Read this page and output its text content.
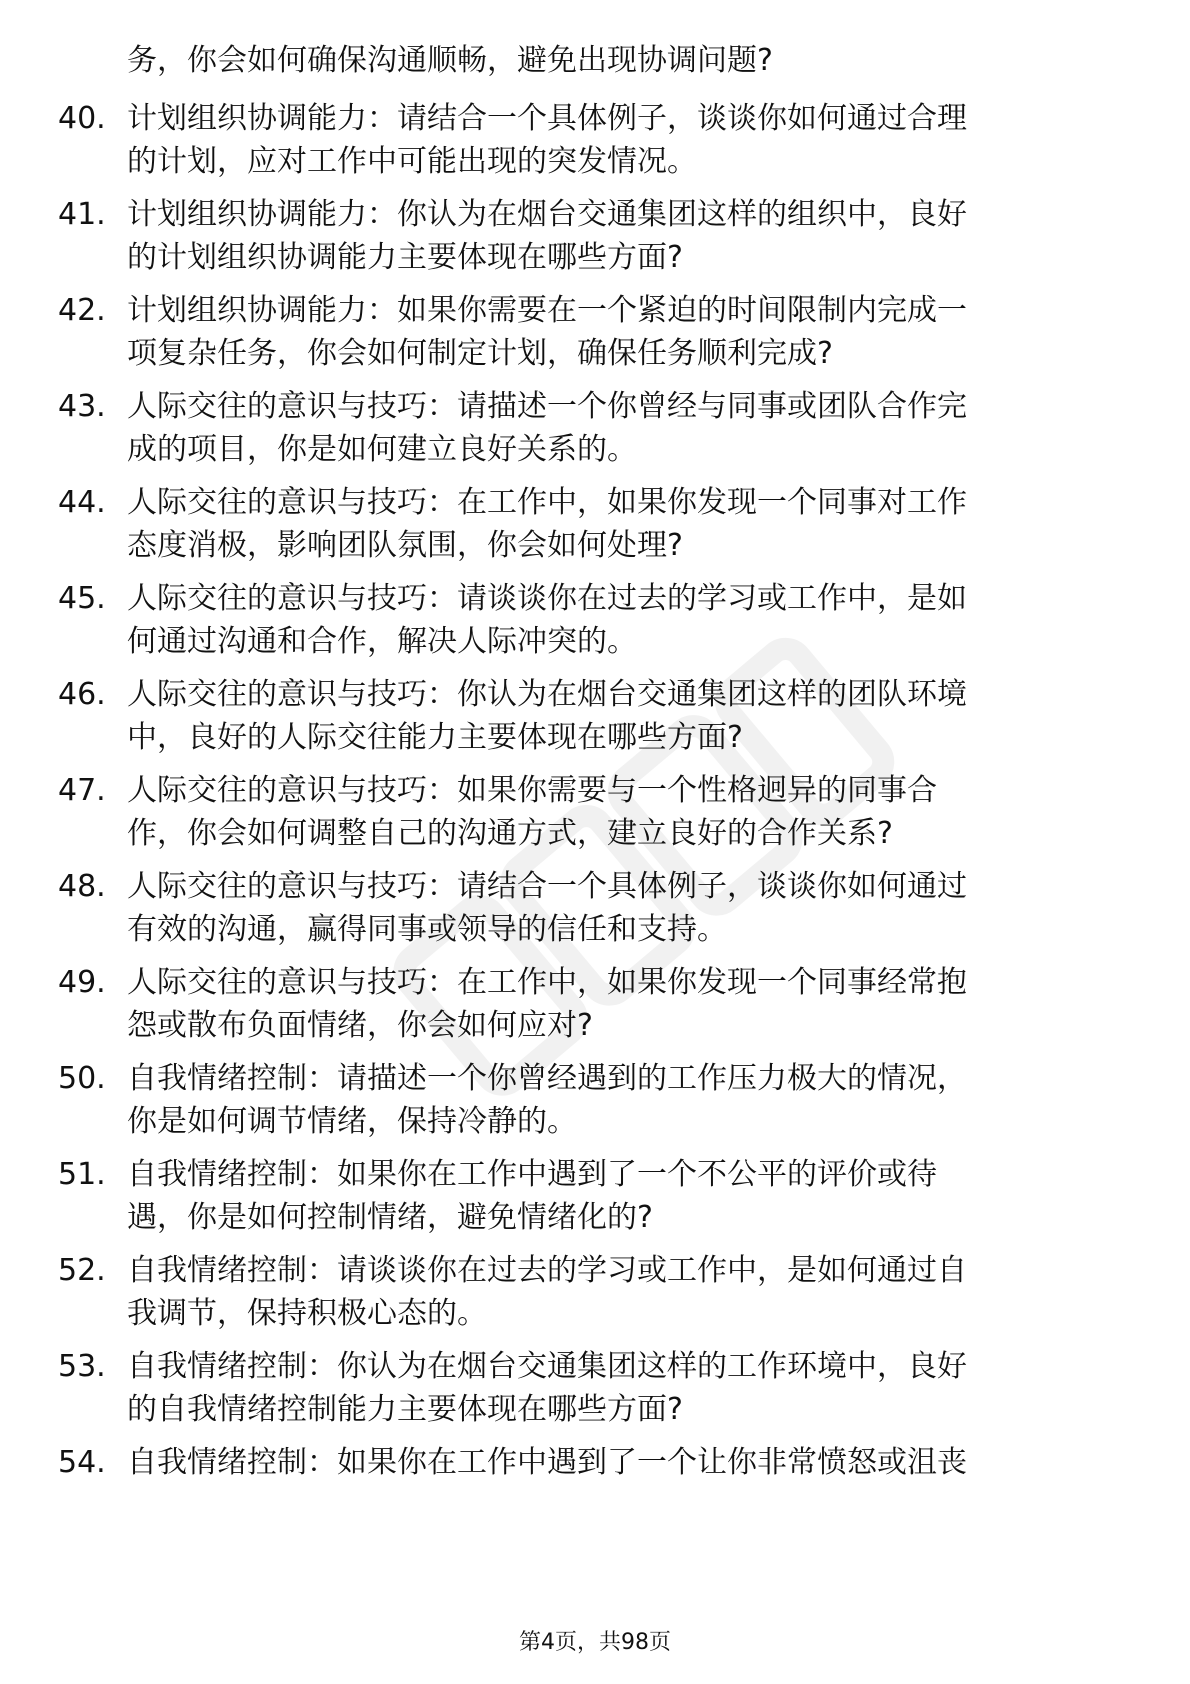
务，你会如何确保沟通顺畅，避免出现协调问题?
40. 计划组织协调能力：请结合一个具体例子，谈谈你如何通过合理
的计划，应对工作中可能出现的突发情况。
41. 计划组织协调能力：你认为在烟台交通集团这样的组织中，良好
的计划组织协调能力主要体现在哪些方面?
42. 计划组织协调能力：如果你需要在一个紧迫的时间限制内完成一
项复杂任务，你会如何制定计划，确保任务顺利完成?
43. 人际交往的意识与技巧：请描述一个你曾经与同事或团队合作完
成的项目，你是如何建立良好关系的。
44. 人际交往的意识与技巧：在工作中，如果你发现一个同事对工作
态度消极，影响团队氛围，你会如何处理?
45. 人际交往的意识与技巧：请谈谈你在过去的学习或工作中，是如
何通过沟通和合作，解决人际冲突的。
46. 人际交往的意识与技巧：你认为在烟台交通集团这样的团队环境
中，良好的人际交往能力主要体现在哪些方面?
47. 人际交往的意识与技巧：如果你需要与一个性格迥异的同事合
作，你会如何调整自己的沟通方式，建立良好的合作关系?
48. 人际交往的意识与技巧：请结合一个具体例子，谈谈你如何通过
有效的沟通，赢得同事或领导的信任和支持。
49. 人际交往的意识与技巧：在工作中，如果你发现一个同事经常抱
怨或散布负面情绪，你会如何应对?
50. 自我情绪控制：请描述一个你曾经遇到的工作压力极大的情况，
你是如何调节情绪，保持冷静的。
51. 自我情绪控制：如果你在工作中遇到了一个不公平的评价或待
遇，你是如何控制情绪，避免情绪化的?
52. 自我情绪控制：请谈谈你在过去的学习或工作中，是如何通过自
我调节，保持积极心态的。
53. 自我情绪控制：你认为在烟台交通集团这样的工作环境中，良好
的自我情绪控制能力主要体现在哪些方面?
54. 自我情绪控制：如果你在工作中遇到了一个让你非常愤怒或沮丧
第4页，共98页
